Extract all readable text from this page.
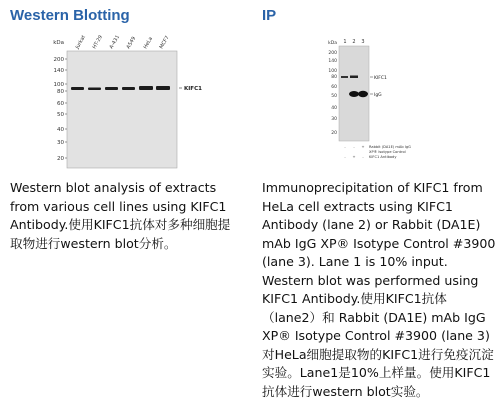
Western Blotting
kDa
200
140
100
80
60
50
40
30
20
Jurkat HT-29 A-431 A549 HeLa MCF7
KIFC1
Western blot analysis of extracts from various cell lines using KIFC1 Antibody.使用KIFC1抗体对多种细胞提取物进行western blot分析。
IP
1 2 3
kDa
200
140
100
80
60
50
40
30
20
KIFC1
IgG
- - + Rabbit (DA1E) mAb IgG
XP® Isotype Control
- + - KIFC1 Antibody
Immunoprecipitation of KIFC1 from HeLa cell extracts using KIFC1 Antibody (lane 2) or Rabbit (DA1E) mAb IgG XP® Isotype Control #3900 (lane 3). Lane 1 is 10% input. Western blot was performed using KIFC1 Antibody.使用KIFC1抗体（lane2）和 Rabbit (DA1E) mAb IgG XP® Isotype Control #3900 (lane 3)对HeLa细胞提取物的KIFC1进行免疫沉淀实验。Lane1是10%上样量。使用KIFC1抗体进行western blot实验。
